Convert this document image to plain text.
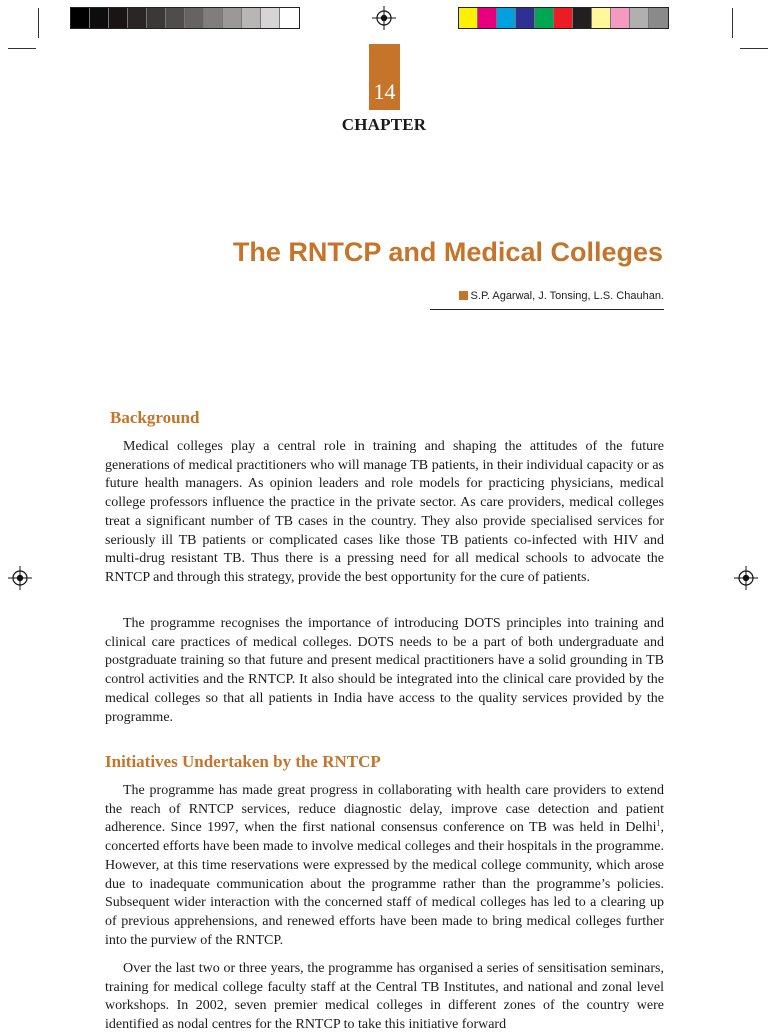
14
CHAPTER
The RNTCP and Medical Colleges
S.P. Agarwal, J. Tonsing, L.S. Chauhan.
Background

Medical colleges play a central role in training and shaping the attitudes of the future generations of medical practitioners who will manage TB patients, in their individual capacity or as future health managers. As opinion leaders and role models for practicing physicians, medical college professors influence the practice in the private sector. As care providers, medical colleges treat a significant number of TB cases in the country. They also provide specialised services for seriously ill TB patients or complicated cases like those TB patients co-infected with HIV and multi-drug resistant TB. Thus there is a pressing need for all medical schools to advocate the RNTCP and through this strategy, provide the best opportunity for the cure of patients.

The programme recognises the importance of introducing DOTS principles into training and clinical care practices of medical colleges. DOTS needs to be a part of both undergraduate and postgraduate training so that future and present medical practitioners have a solid grounding in TB control activities and the RNTCP. It also should be integrated into the clinical care provided by the medical colleges so that all patients in India have access to the quality services provided by the programme.

Initiatives Undertaken by the RNTCP

The programme has made great progress in collaborating with health care providers to extend the reach of RNTCP services, reduce diagnostic delay, improve case detection and patient adherence. Since 1997, when the first national consensus conference on TB was held in Delhi$^1$, concerted efforts have been made to involve medical colleges and their hospitals in the programme. However, at this time reservations were expressed by the medical college community, which arose due to inadequate communication about the programme rather than the programme’s policies. Subsequent wider interaction with the concerned staff of medical colleges has led to a clearing up of previous apprehensions, and renewed efforts have been made to bring medical colleges further into the purview of the RNTCP.

Over the last two or three years, the programme has organised a series of sensitisation seminars, training for medical college faculty staff at the Central TB Institutes, and national and zonal level workshops. In 2002, seven premier medical colleges in different zones of the country were identified as nodal centres for the RNTCP to take this initiative forward
